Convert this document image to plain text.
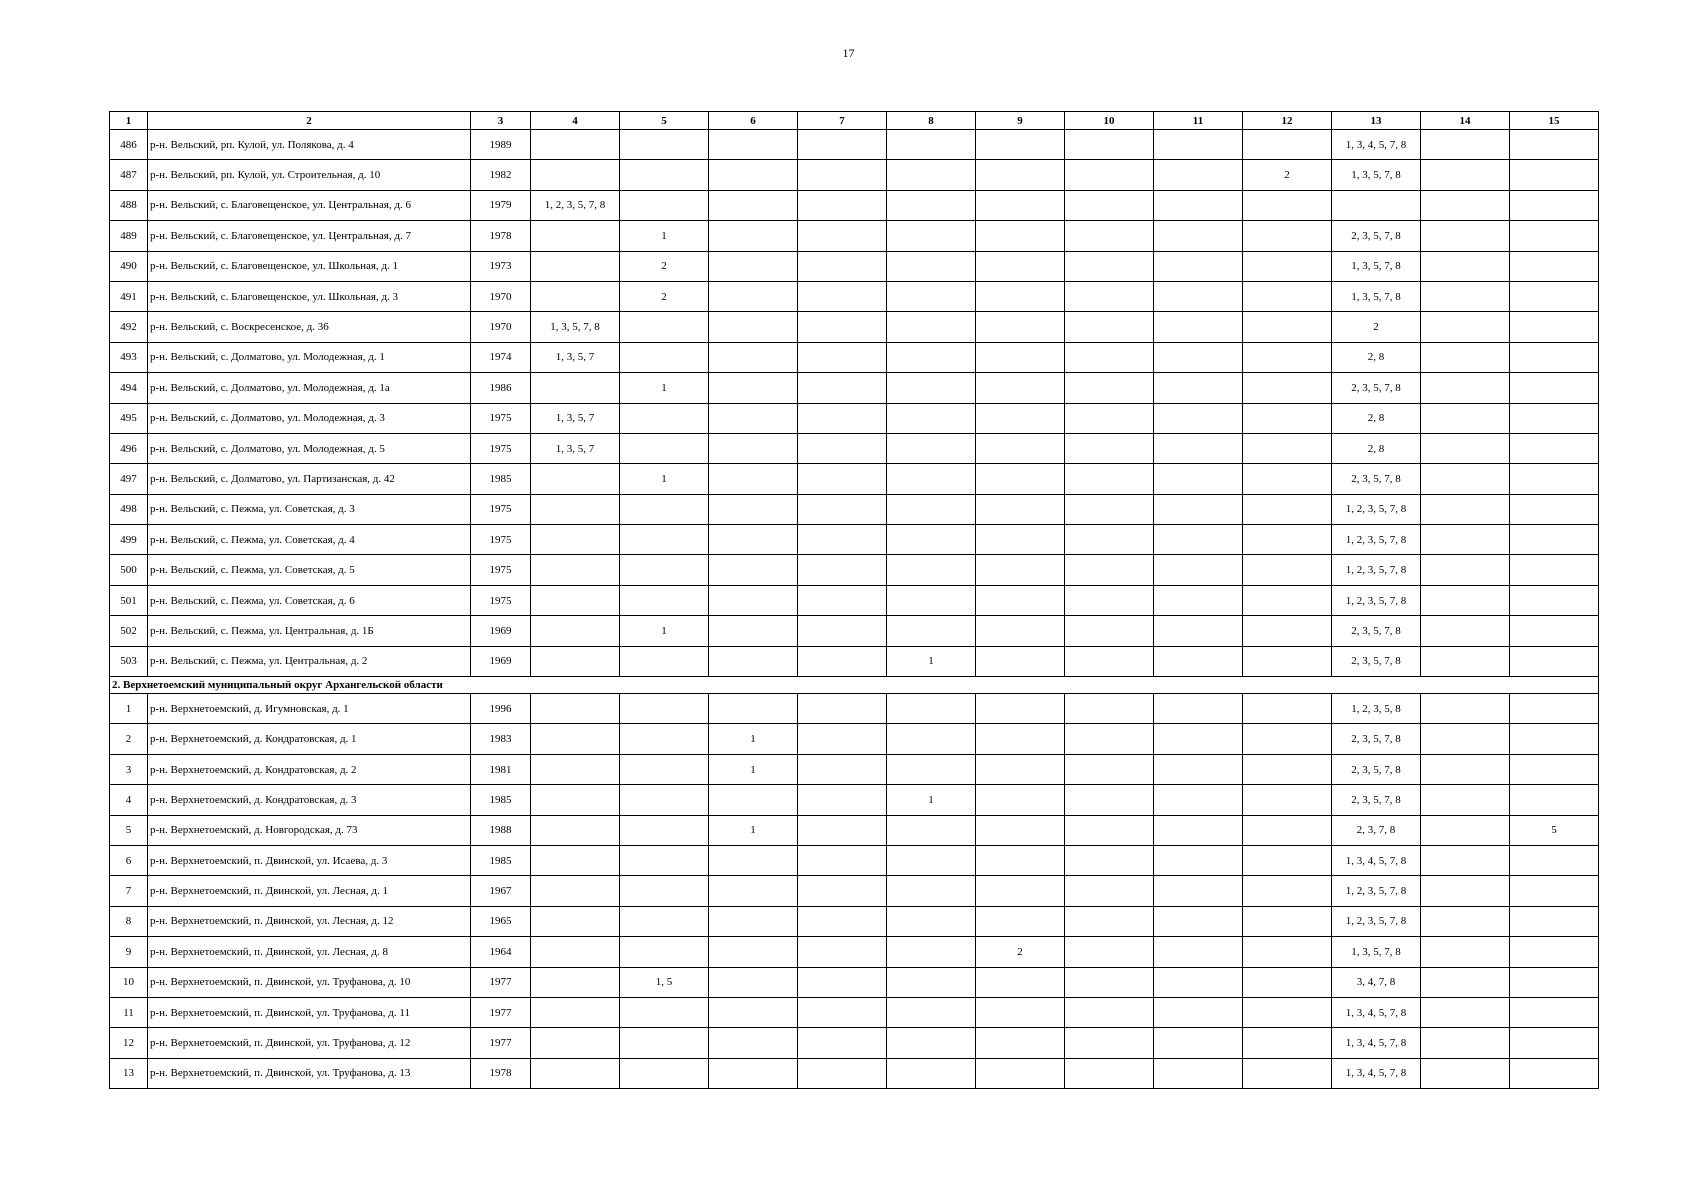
17
1	2	3	4	5	6	7	8	9	10	11	12	13	14	15
486	р-н. Вельский, рп. Кулой, ул. Полякова, д. 4	1989										1, 3, 4, 5, 7, 8		
487	р-н. Вельский, рп. Кулой, ул. Строительная, д. 10	1982									2	1, 3, 5, 7, 8		
488	р-н. Вельский, с. Благовещенское, ул. Центральная, д. 6	1979	1, 2, 3, 5, 7, 8											
489	р-н. Вельский, с. Благовещенское, ул. Центральная, д. 7	1978		1								2, 3, 5, 7, 8		
490	р-н. Вельский, с. Благовещенское, ул. Школьная, д. 1	1973		2								1, 3, 5, 7, 8		
491	р-н. Вельский, с. Благовещенское, ул. Школьная, д. 3	1970		2								1, 3, 5, 7, 8		
492	р-н. Вельский, с. Воскресенское, д. 36	1970	1, 3, 5, 7, 8									2		
493	р-н. Вельский, с. Долматово, ул. Молодежная, д. 1	1974	1, 3, 5, 7									2, 8		
494	р-н. Вельский, с. Долматово, ул. Молодежная, д. 1а	1986		1								2, 3, 5, 7, 8		
495	р-н. Вельский, с. Долматово, ул. Молодежная, д. 3	1975	1, 3, 5, 7									2, 8		
496	р-н. Вельский, с. Долматово, ул. Молодежная, д. 5	1975	1, 3, 5, 7									2, 8		
497	р-н. Вельский, с. Долматово, ул. Партизанская, д. 42	1985		1								2, 3, 5, 7, 8		
498	р-н. Вельский, с. Пежма, ул. Советская, д. 3	1975										1, 2, 3, 5, 7, 8		
499	р-н. Вельский, с. Пежма, ул. Советская, д. 4	1975										1, 2, 3, 5, 7, 8		
500	р-н. Вельский, с. Пежма, ул. Советская, д. 5	1975										1, 2, 3, 5, 7, 8		
501	р-н. Вельский, с. Пежма, ул. Советская, д. 6	1975										1, 2, 3, 5, 7, 8		
502	р-н. Вельский, с. Пежма, ул. Центральная, д. 1Б	1969		1								2, 3, 5, 7, 8		
503	р-н. Вельский, с. Пежма, ул. Центральная, д. 2	1969					1					2, 3, 5, 7, 8		
2. Верхнетоемский муниципальный округ Архангельской области														
1	р-н. Верхнетоемский, д. Игумновская, д. 1	1996										1, 2, 3, 5, 8		
2	р-н. Верхнетоемский, д. Кондратовская, д. 1	1983			1							2, 3, 5, 7, 8		
3	р-н. Верхнетоемский, д. Кондратовская, д. 2	1981			1							2, 3, 5, 7, 8		
4	р-н. Верхнетоемский, д. Кондратовская, д. 3	1985					1					2, 3, 5, 7, 8		
5	р-н. Верхнетоемский, д. Новгородская, д. 73	1988			1							2, 3, 7, 8		5
6	р-н. Верхнетоемский, п. Двинской, ул. Исаева, д. 3	1985										1, 3, 4, 5, 7, 8		
7	р-н. Верхнетоемский, п. Двинской, ул. Лесная, д. 1	1967										1, 2, 3, 5, 7, 8		
8	р-н. Верхнетоемский, п. Двинской, ул. Лесная, д. 12	1965										1, 2, 3, 5, 7, 8		
9	р-н. Верхнетоемский, п. Двинской, ул. Лесная, д. 8	1964						2				1, 3, 5, 7, 8		
10	р-н. Верхнетоемский, п. Двинской, ул. Труфанова, д. 10	1977		1, 5								3, 4, 7, 8		
11	р-н. Верхнетоемский, п. Двинской, ул. Труфанова, д. 11	1977										1, 3, 4, 5, 7, 8		
12	р-н. Верхнетоемский, п. Двинской, ул. Труфанова, д. 12	1977										1, 3, 4, 5, 7, 8		
13	р-н. Верхнетоемский, п. Двинской, ул. Труфанова, д. 13	1978										1, 3, 4, 5, 7, 8		
